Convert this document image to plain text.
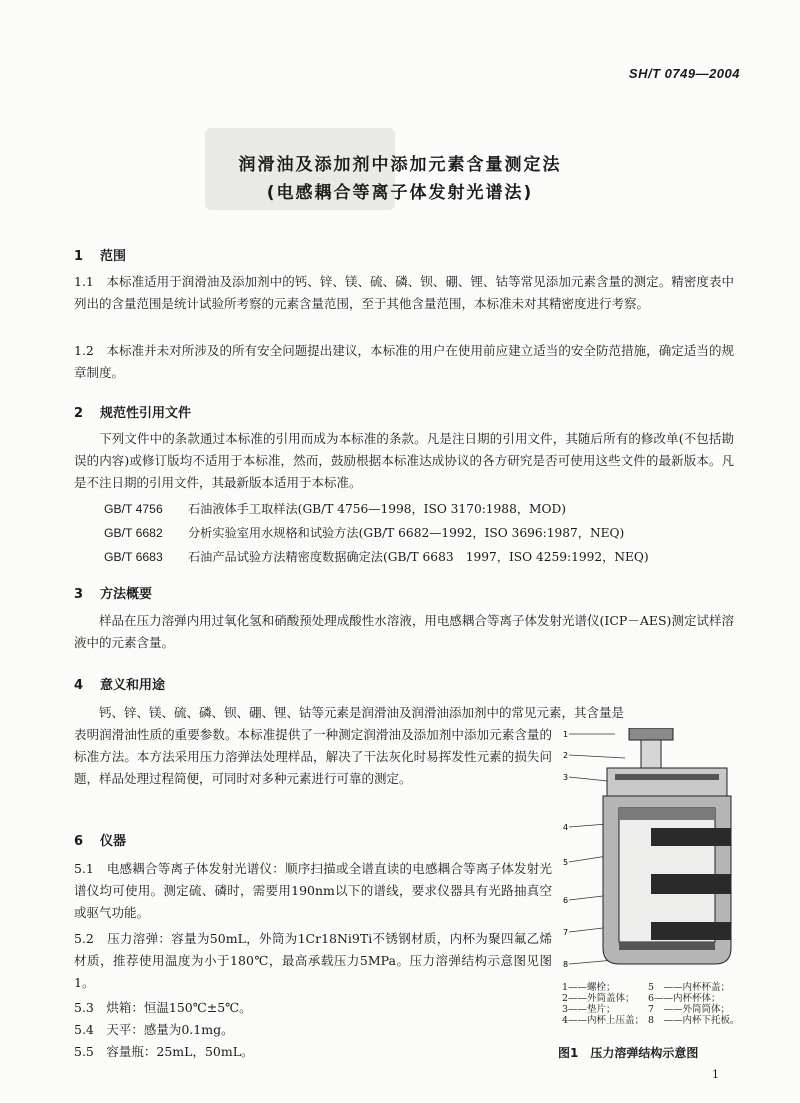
SH/T 0749—2004
润滑油及添加剂中添加元素含量测定法
(电感耦合等离子体发射光谱法)
1 范围
1.1　本标准适用于润滑油及添加剂中的钙、锌、镁、硫、磷、钡、硼、锂、钴等常见添加元素含量的测定。精密度表中列出的含量范围是统计试验所考察的元素含量范围，至于其他含量范围，本标准未对其精密度进行考察。
1.2　本标准并未对所涉及的所有安全问题提出建议，本标准的用户在使用前应建立适当的安全防范措施，确定适当的规章制度。
2 规范性引用文件
　　下列文件中的条款通过本标准的引用而成为本标准的条款。凡是注日期的引用文件，其随后所有的修改单(不包括勘误的内容)或修订版均不适用于本标准，然而，鼓励根据本标准达成协议的各方研究是否可使用这些文件的最新版本。凡是不注日期的引用文件，其最新版本适用于本标准。
GB/T 4756 石油液体手工取样法(GB/T 4756—1998，ISO 3170:1988，MOD)
GB/T 6682 分析实验室用水规格和试验方法(GB/T 6682—1992，ISO 3696:1987，NEQ)
GB/T 6683 石油产品试验方法精密度数据确定法(GB/T 6683　1997，ISO 4259:1992，NEQ)
3 方法概要
　　样品在压力溶弹内用过氧化氢和硝酸预处理成酸性水溶液，用电感耦合等离子体发射光谱仪(ICP－AES)测定试样溶液中的元素含量。
4 意义和用途
　　钙、锌、镁、硫、磷、钡、硼、锂、钴等元素是润滑油及润滑油添加剂中的常见元素，其含量是
表明润滑油性质的重要参数。本标准提供了一种测定润滑油及添加剂中添加元素含量的标准方法。本方法采用压力溶弹法处理样品，解决了干法灰化时易挥发性元素的损失问题，样品处理过程简便，可同时对多种元素进行可靠的测定。
6 仪器
5.1　电感耦合等离子体发射光谱仪：顺序扫描或全谱直读的电感耦合等离子体发射光谱仪均可使用。测定硫、磷时，需要用190nm以下的谱线，要求仪器具有光路抽真空或驱气功能。
5.2　压力溶弹：容量为50mL，外筒为1Cr18Ni9Ti不锈钢材质，内杯为聚四氟乙烯材质，推荐使用温度为小于180℃，最高承载压力5MPa。压力溶弹结构示意图见图1。
5.3　烘箱：恒温150℃±5℃。
5.4　天平：感量为0.1mg。
5.5　容量瓶：25mL，50mL。
1
2
3
4
5
6
7
8
1——螺栓；	5　——内杯杯盖；
2——外筒盖体； 6——内杯杯体；
3——垫片；	7　——外筒筒体；
4——内杯上压盖； 8　——内杯下托板。
图1　压力溶弹结构示意图
1
